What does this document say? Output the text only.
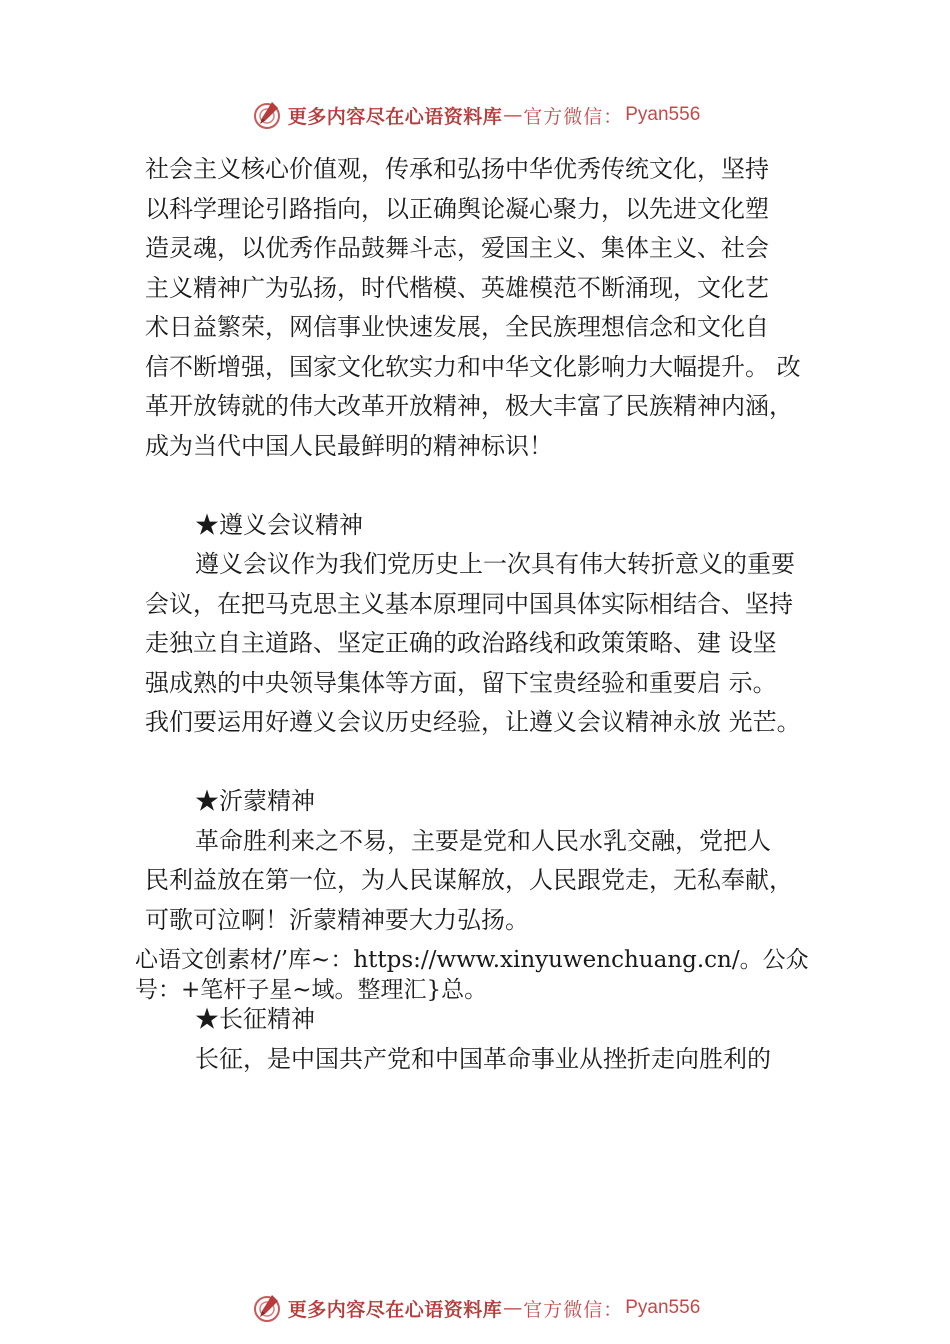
更多内容尽在心语资料库 — 官方微信： Pyan556
社会主义核心价值观，传承和弘扬中华优秀传统文化，坚持
以科学理论引路指向，以正确舆论凝心聚力，以先进文化塑
造灵魂，以优秀作品鼓舞斗志，爱国主义、集体主义、社会
主义精神广为弘扬，时代楷模、英雄模范不断涌现，文化艺
术日益繁荣，网信事业快速发展，全民族理想信念和文化自
信不断增强，国家文化软实力和中华文化影响力大幅提升。 改
革开放铸就的伟大改革开放精神，极大丰富了民族精神内涵，
成为当代中国人民最鲜明的精神标识！
★遵义会议精神
遵义会议作为我们党历史上一次具有伟大转折意义的重要
会议，在把马克思主义基本原理同中国具体实际相结合、坚持
走独立自主道路、坚定正确的政治路线和政策策略、建 设坚
强成熟的中央领导集体等方面，留下宝贵经验和重要启 示。
我们要运用好遵义会议历史经验，让遵义会议精神永放 光芒。
★沂蒙精神
革命胜利来之不易，主要是党和人民水乳交融，党把人
民利益放在第一位，为人民谋解放，人民跟党走，无私奉献，
可歌可泣啊！沂蒙精神要大力弘扬。
心语文创素材/’库~：https://www.xinyuwenchuang.cn/。公众
号：+笔杆子星~域。整理汇}总。
★长征精神
长征，是中国共产党和中国革命事业从挫折走向胜利的
更多内容尽在心语资料库 — 官方微信： Pyan556
